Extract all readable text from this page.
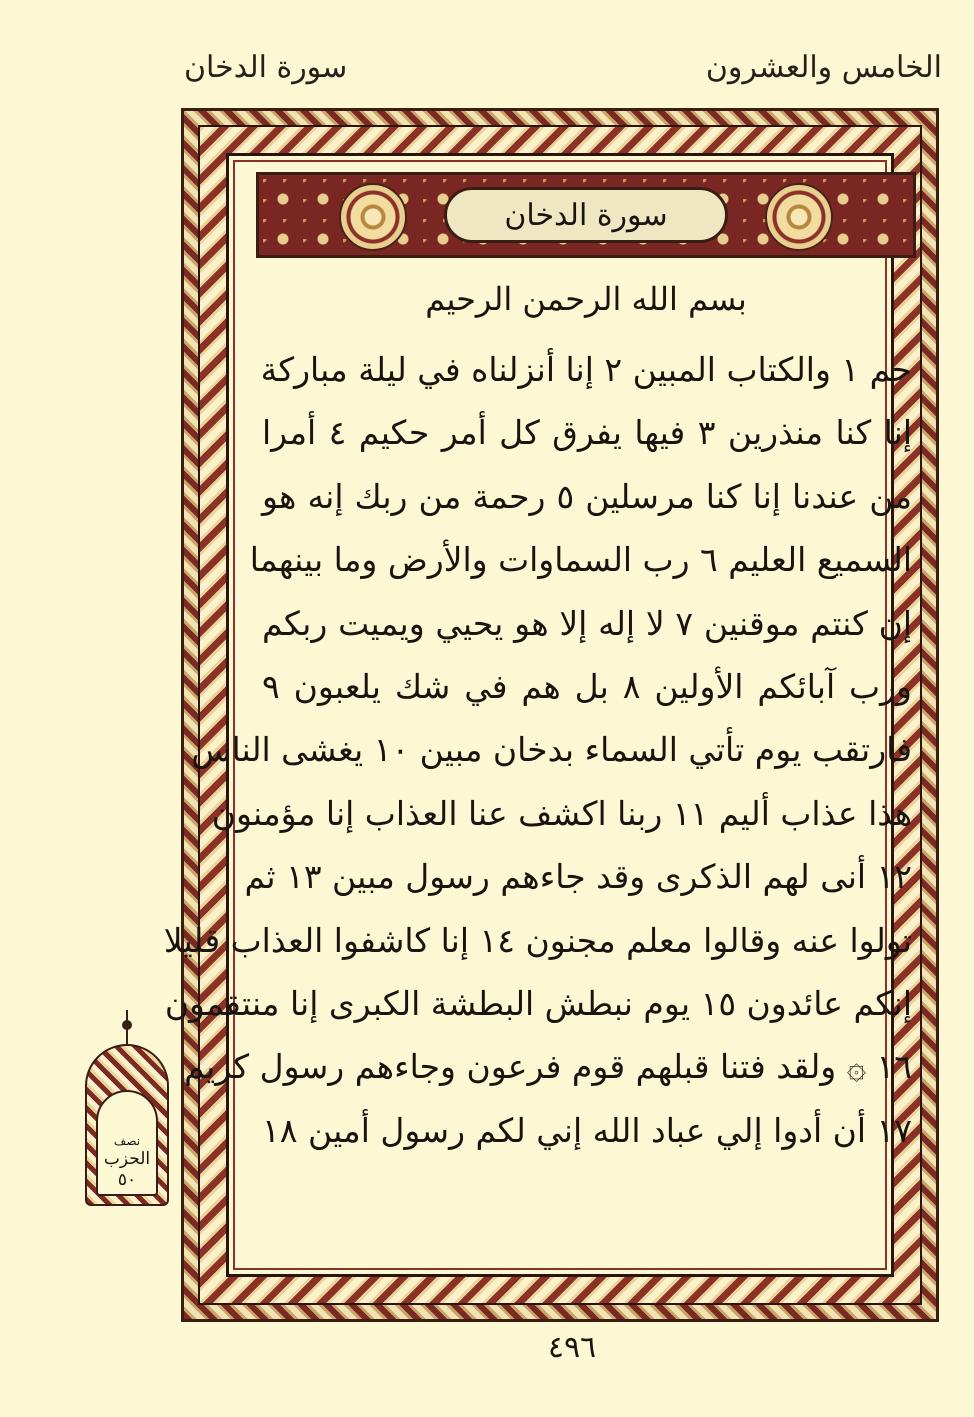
الخامس والعشرون
سورة الدخان
سورة الدخان
بسم الله الرحمن الرحيم
حم ١ والكتاب المبين ٢ إنا أنزلناه في ليلة مباركة
إنا كنا منذرين ٣ فيها يفرق كل أمر حكيم ٤ أمرا
من عندنا إنا كنا مرسلين ٥ رحمة من ربك إنه هو
السميع العليم ٦ رب السماوات والأرض وما بينهما
إن كنتم موقنين ٧ لا إله إلا هو يحيي ويميت ربكم
ورب آبائكم الأولين ٨ بل هم في شك يلعبون ٩
فارتقب يوم تأتي السماء بدخان مبين ١٠ يغشى الناس
هذا عذاب أليم ١١ ربنا اكشف عنا العذاب إنا مؤمنون
١٢ أنى لهم الذكرى وقد جاءهم رسول مبين ١٣ ثم
تولوا عنه وقالوا معلم مجنون ١٤ إنا كاشفوا العذاب قليلا
إنكم عائدون ١٥ يوم نبطش البطشة الكبرى إنا منتقمون
١٦ ۞ ولقد فتنا قبلهم قوم فرعون وجاءهم رسول كريم
١٧ أن أدوا إلي عباد الله إني لكم رسول أمين ١٨
نصف
الحزب
٥٠
٤٩٦
